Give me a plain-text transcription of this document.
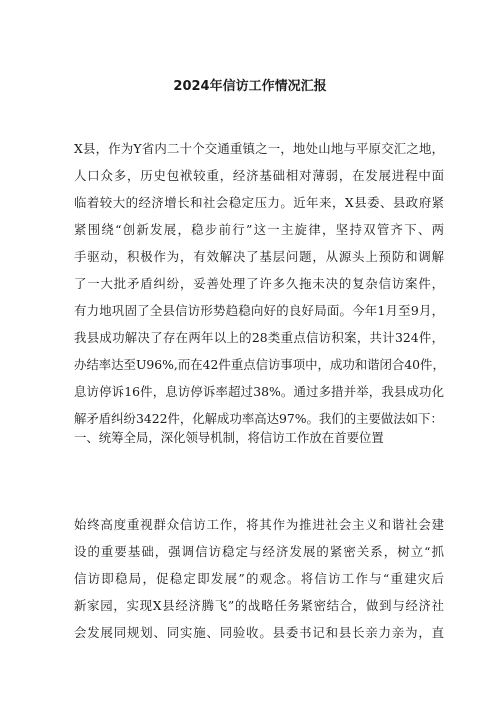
2024年信访工作情况汇报
X县，作为Y省内二十个交通重镇之一，地处山地与平原交汇之地，
人口众多，历史包袱较重，经济基础相对薄弱，在发展进程中面
临着较大的经济增长和社会稳定压力。近年来，X县委、县政府紧
紧围绕“创新发展，稳步前行”这一主旋律，坚持双管齐下、两
手驱动，积极作为，有效解决了基层问题，从源头上预防和调解
了一大批矛盾纠纷，妥善处理了许多久拖未决的复杂信访案件，
有力地巩固了全县信访形势趋稳向好的良好局面。今年1月至9月，
我县成功解决了存在两年以上的28类重点信访积案，共计324件，
办结率达至U96%,而在42件重点信访事项中，成功和谐闭合40件，
息访停诉16件，息访停诉率超过38%。通过多措并举，我县成功化
解矛盾纠纷3422件，化解成功率高达97%。我们的主要做法如下：
一、统筹全局，深化领导机制，将信访工作放在首要位置
始终高度重视群众信访工作，将其作为推进社会主义和谐社会建
设的重要基础，强调信访稳定与经济发展的紧密关系，树立“抓
信访即稳局，促稳定即发展”的观念。将信访工作与“重建灾后
新家园，实现X县经济腾飞”的战略任务紧密结合，做到与经济社
会发展同规划、同实施、同验收。县委书记和县长亲力亲为，直
